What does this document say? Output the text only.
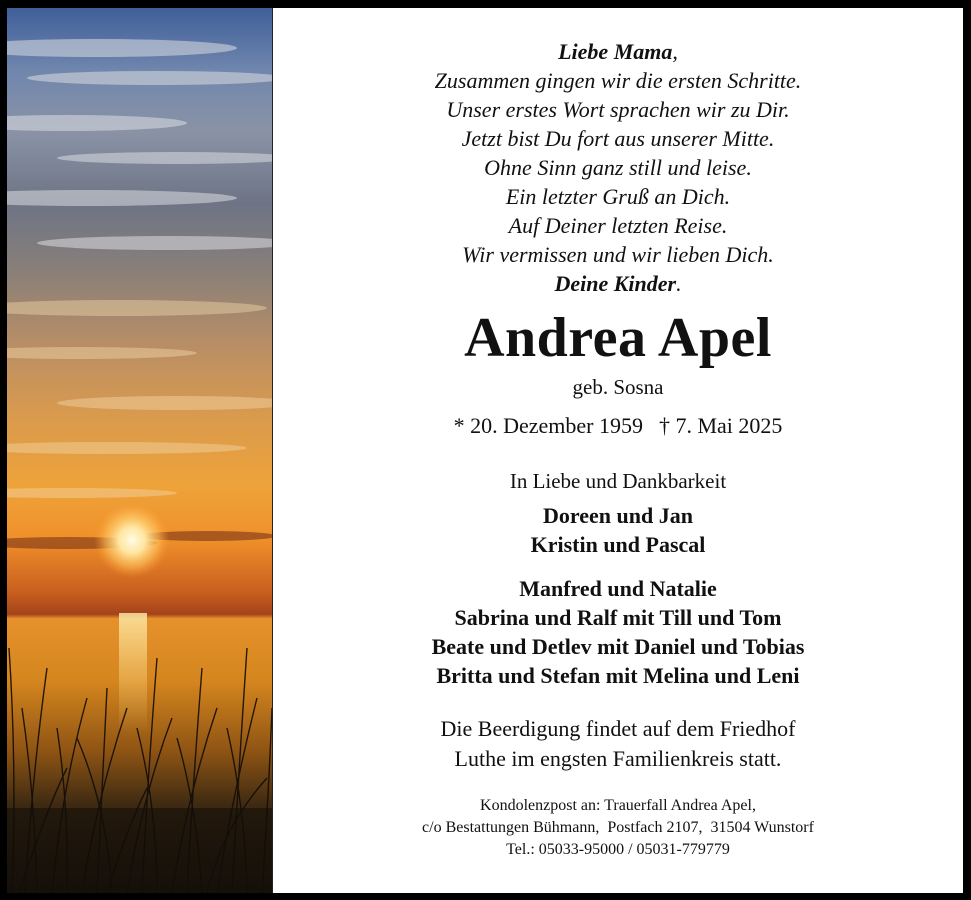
Liebe Mama,

Zusammen gingen wir die ersten Schritte.

Unser erstes Wort sprachen wir zu Dir.

Jetzt bist Du fort aus unserer Mitte.

Ohne Sinn ganz still und leise.

Ein letzter Gruß an Dich.

Auf Deiner letzten Reise.

Wir vermissen und wir lieben Dich.

Deine Kinder.

Andrea Apel

geb. Sosna

* 20. Dezember 1959 † 7. Mai 2025

In Liebe und Dankbarkeit

Doreen und Jan

Kristin und Pascal

Manfred und Natalie

Sabrina und Ralf mit Till und Tom

Beate und Detlev mit Daniel und Tobias

Britta und Stefan mit Melina und Leni

Die Beerdigung findet auf dem Friedhof

Luthe im engsten Familienkreis statt.

Kondolenzpost an: Trauerfall Andrea Apel,

c/o Bestattungen Bühmann,  Postfach 2107,  31504 Wunstorf

Tel.: 05033-95000 / 05031-779779
